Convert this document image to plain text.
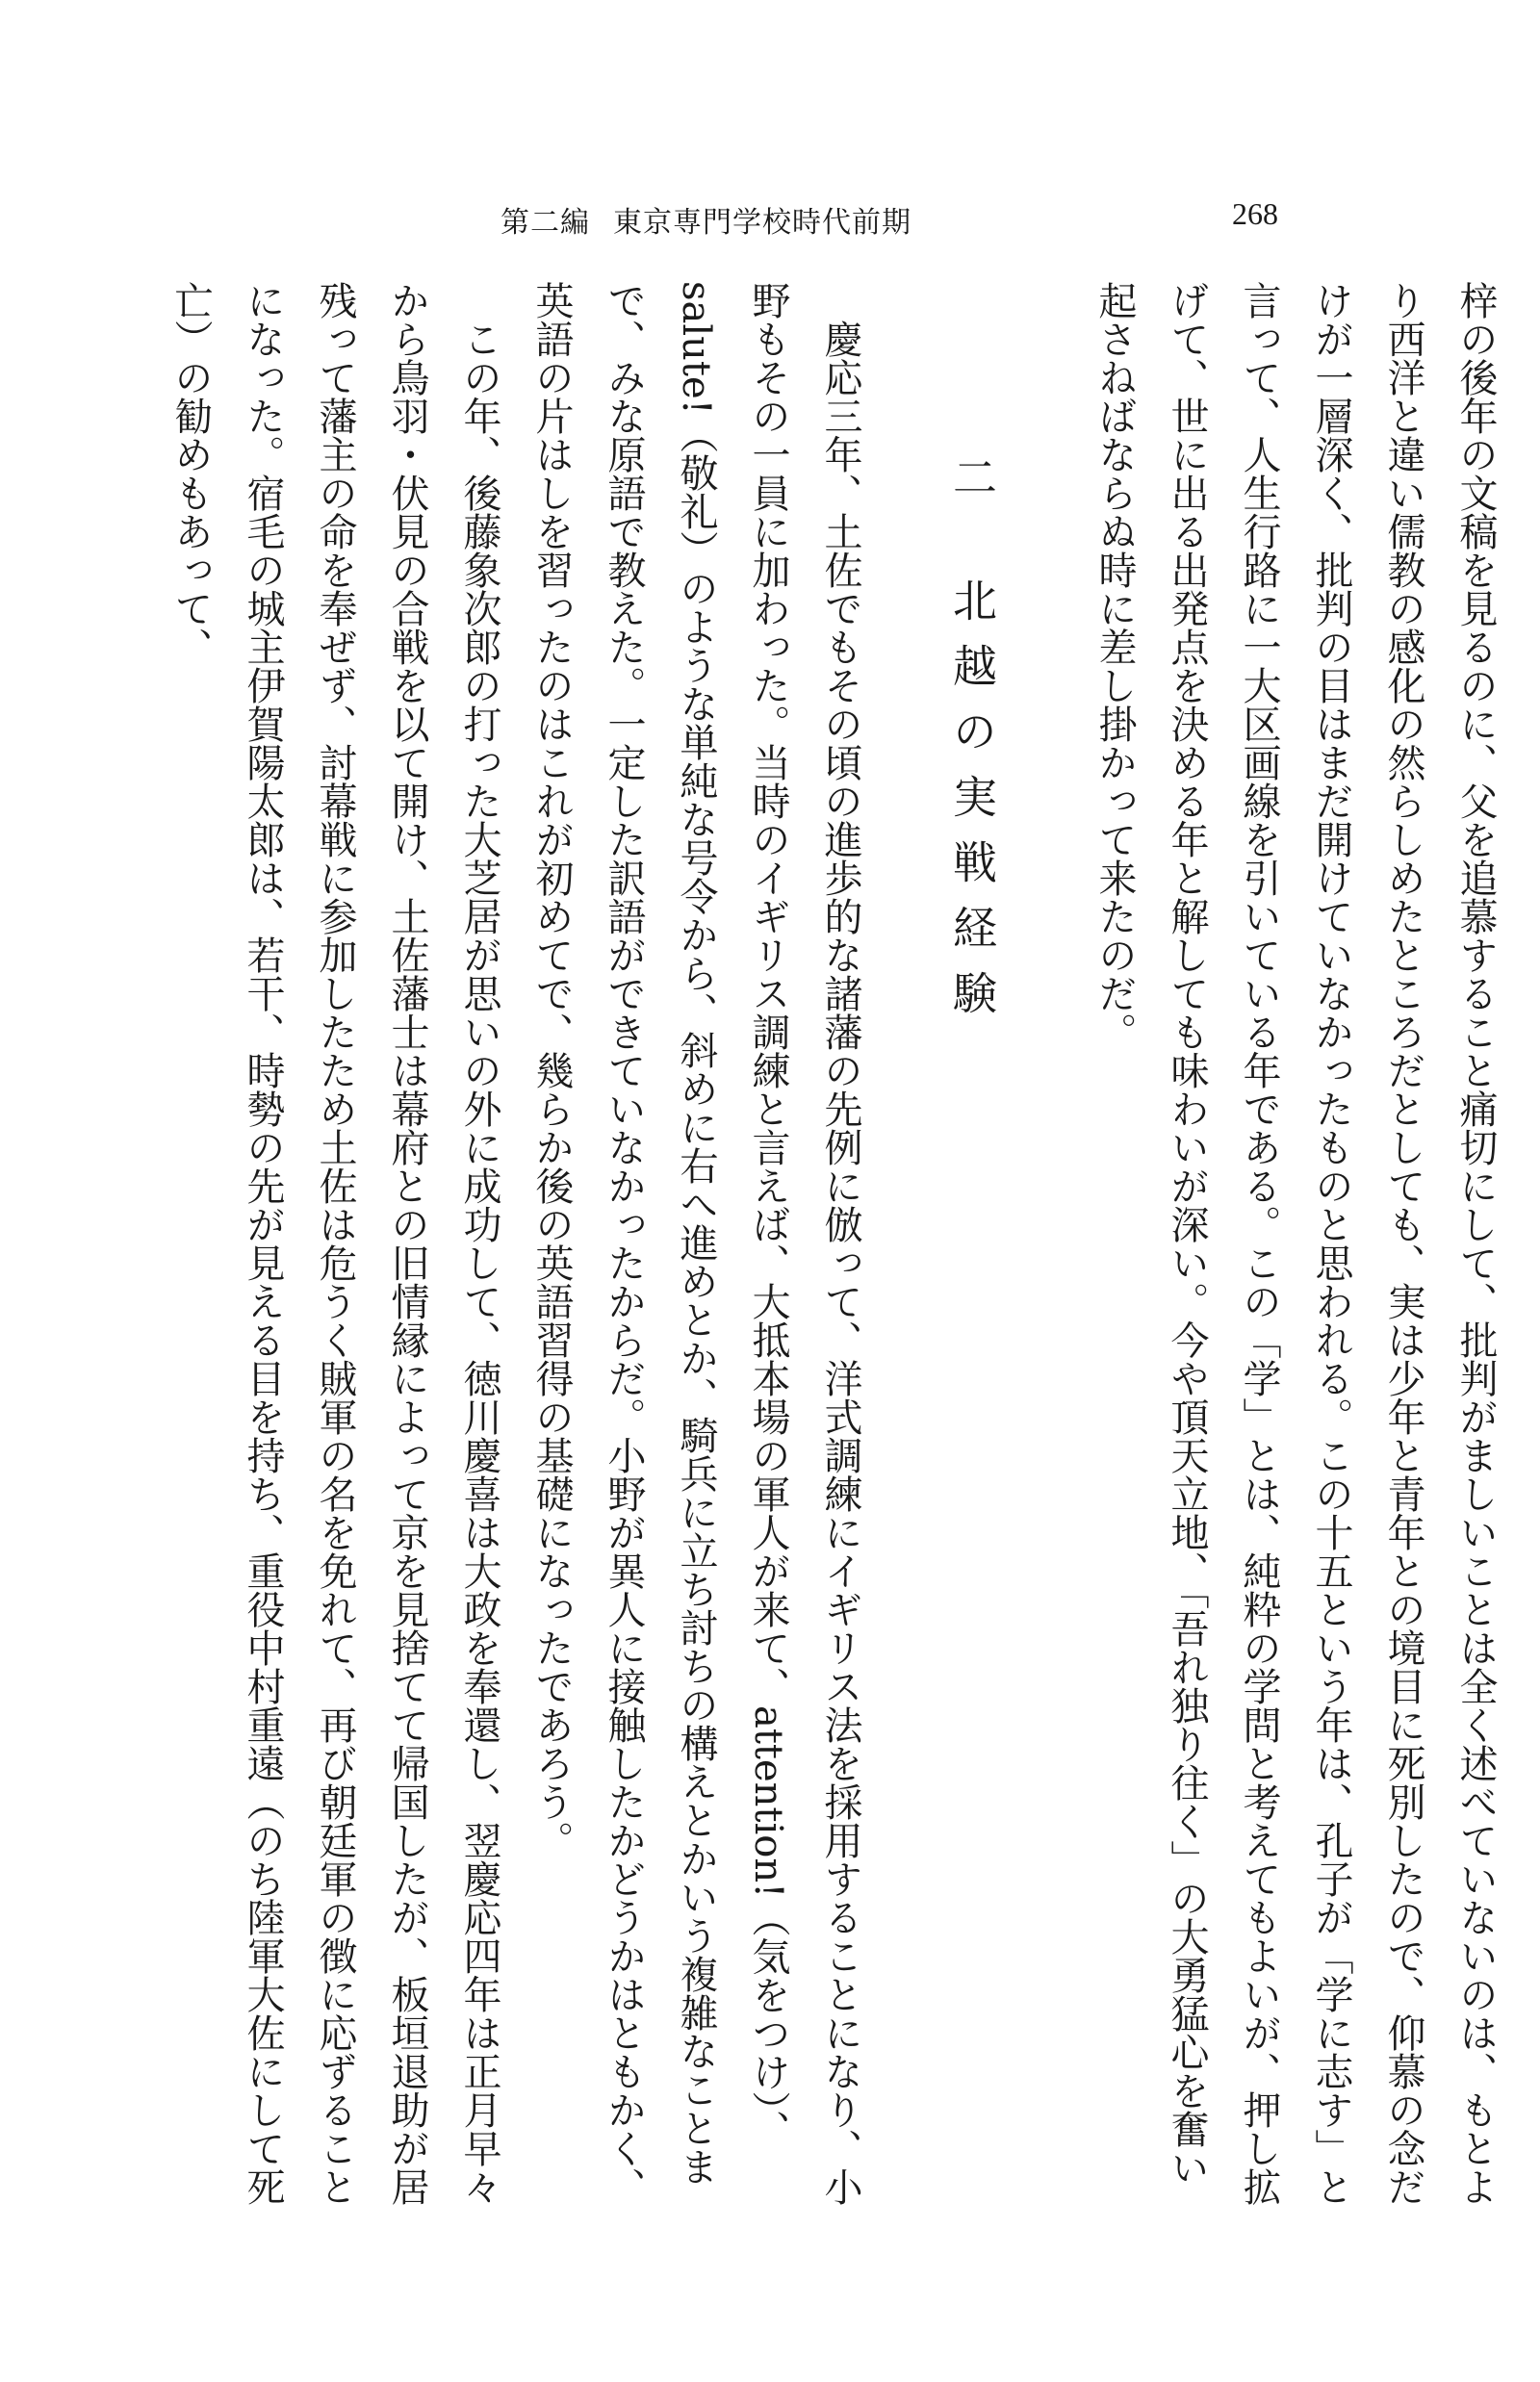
第二編 東京専門学校時代前期	268

梓の後年の文稿を見るのに、父を追慕すること痛切にして、批判がましいことは全く述べていないのは、もとより西洋と違い儒教の感化の然らしめたところだとしても、実は少年と青年との境目に死別したので、仰慕の念だけが一層深く、批判の目はまだ開けていなかったものと思われる。この十五という年は、孔子が「学に志す」と言って、人生行路に一大区画線を引いている年である。この「学」とは、純粋の学問と考えてもよいが、押し拡げて、世に出る出発点を決める年と解しても味わいが深い。今や頂天立地、「吾れ独り往く」の大勇猛心を奮い起さねばならぬ時に差し掛かって来たのだ。

二北越の実戦経験

慶応三年、土佐でもその頃の進歩的な諸藩の先例に倣って、洋式調練にイギリス法を採用することになり、小野もその一員に加わった。当時のイギリス調練と言えば、大抵本場の軍人が来て、attention!（気をつけ）、salute!（敬礼）のような単純な号令から、斜めに右へ進めとか、騎兵に立ち討ちの構えとかいう複雑なことまで、みな原語で教えた。一定した訳語ができていなかったからだ。小野が異人に接触したかどうかはともかく、英語の片はしを習ったのはこれが初めてで、幾らか後の英語習得の基礎になったであろう。

この年、後藤象次郎の打った大芝居が思いの外に成功して、徳川慶喜は大政を奉還し、翌慶応四年は正月早々から鳥羽・伏見の合戦を以て開け、土佐藩士は幕府との旧情縁によって京を見捨てて帰国したが、板垣退助が居残って藩主の命を奉ぜず、討幕戦に参加したため土佐は危うく賊軍の名を免れて、再び朝廷軍の徴に応ずることになった。宿毛の城主伊賀陽太郎は、若干、時勢の先が見える目を持ち、重役中村重遠（のち陸軍大佐にして死亡）の勧めもあって、
